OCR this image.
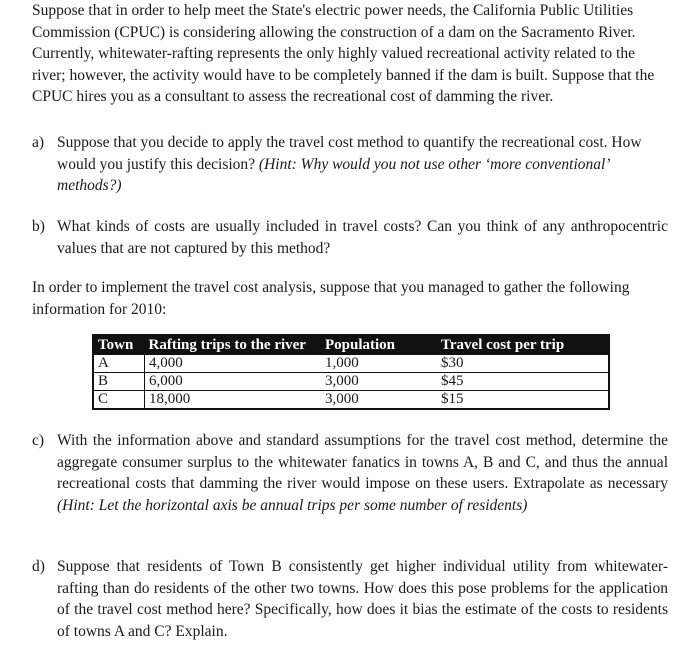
Suppose that in order to help meet the State's electric power needs, the California Public Utilities Commission (CPUC) is considering allowing the construction of a dam on the Sacramento River. Currently, whitewater-rafting represents the only highly valued recreational activity related to the river; however, the activity would have to be completely banned if the dam is built. Suppose that the CPUC hires you as a consultant to assess the recreational cost of damming the river.

a) Suppose that you decide to apply the travel cost method to quantify the recreational cost. How would you justify this decision? (Hint: Why would you not use other ‘more conventional’ methods?)

b) What kinds of costs are usually included in travel costs? Can you think of any anthropocentric values that are not captured by this method?

In order to implement the travel cost analysis, suppose that you managed to gather the following information for 2010:

Town	Rafting trips to the river	Population	Travel cost per trip
A	4,000	1,000	$30
B	6,000	3,000	$45
C	18,000	3,000	$15
c) With the information above and standard assumptions for the travel cost method, determine the aggregate consumer surplus to the whitewater fanatics in towns A, B and C, and thus the annual recreational costs that damming the river would impose on these users. Extrapolate as necessary (Hint: Let the horizontal axis be annual trips per some number of residents)

d) Suppose that residents of Town B consistently get higher individual utility from whitewater-rafting than do residents of the other two towns. How does this pose problems for the application of the travel cost method here? Specifically, how does it bias the estimate of the costs to residents of towns A and C? Explain.
